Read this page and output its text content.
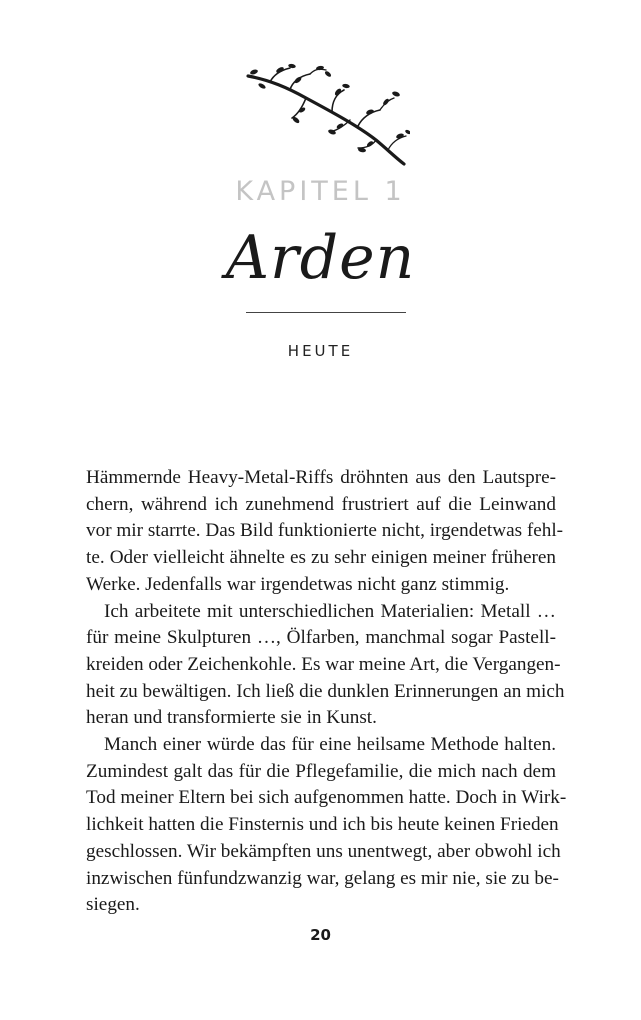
KAPITEL 1
Arden
HEUTE

Hämmernde Heavy-Metal-Riffs dröhnten aus den Lautspre-
chern, während ich zunehmend frustriert auf die Leinwand
vor mir starrte. Das Bild funktionierte nicht, irgendetwas fehl-
te. Oder vielleicht ähnelte es zu sehr einigen meiner früheren
Werke. Jedenfalls war irgendetwas nicht ganz stimmig.

Ich arbeitete mit unterschiedlichen Materialien: Metall …
für meine Skulpturen …, Ölfarben, manchmal sogar Pastell-
kreiden oder Zeichenkohle. Es war meine Art, die Vergangen-
heit zu bewältigen. Ich ließ die dunklen Erinnerungen an mich
heran und transformierte sie in Kunst.

Manch einer würde das für eine heilsame Methode halten.
Zumindest galt das für die Pflegefamilie, die mich nach dem
Tod meiner Eltern bei sich aufgenommen hatte. Doch in Wirk-
lichkeit hatten die Finsternis und ich bis heute keinen Frieden
geschlossen. Wir bekämpften uns unentwegt, aber obwohl ich
inzwischen fünfundzwanzig war, gelang es mir nie, sie zu be-
siegen.

20
